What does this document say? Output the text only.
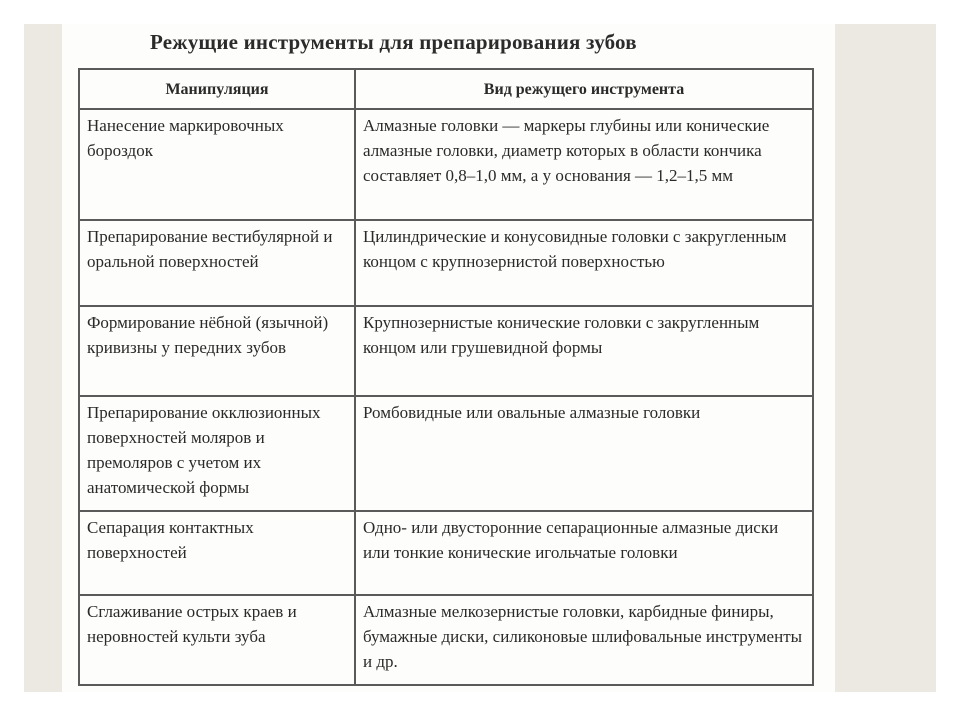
Режущие инструменты для препарирования зубов
Манипуляция	Вид режущего инструмента
Нанесение маркировочных бороздок	Алмазные головки — маркеры глубины или конические алмазные головки, диаметр которых в области кончика составляет 0,8–1,0 мм, а у основания — 1,2–1,5 мм
Препарирование вестибулярной и оральной поверхностей	Цилиндрические и конусовидные головки с закругленным концом с крупнозернистой поверхностью
Формирование нёбной (язычной) кривизны у передних зубов	Крупнозернистые конические головки с закругленным концом или грушевидной формы
Препарирование окклюзионных поверхностей моляров и премоляров с учетом их анатомической формы	Ромбовидные или овальные алмазные головки
Сепарация контактных поверхностей	Одно- или двусторонние сепарационные алмазные диски или тонкие конические игольчатые головки
Сглаживание острых краев и неровностей культи зуба	Алмазные мелкозернистые головки, карбидные финиры, бумажные диски, силиконовые шлифовальные инструменты и др.
